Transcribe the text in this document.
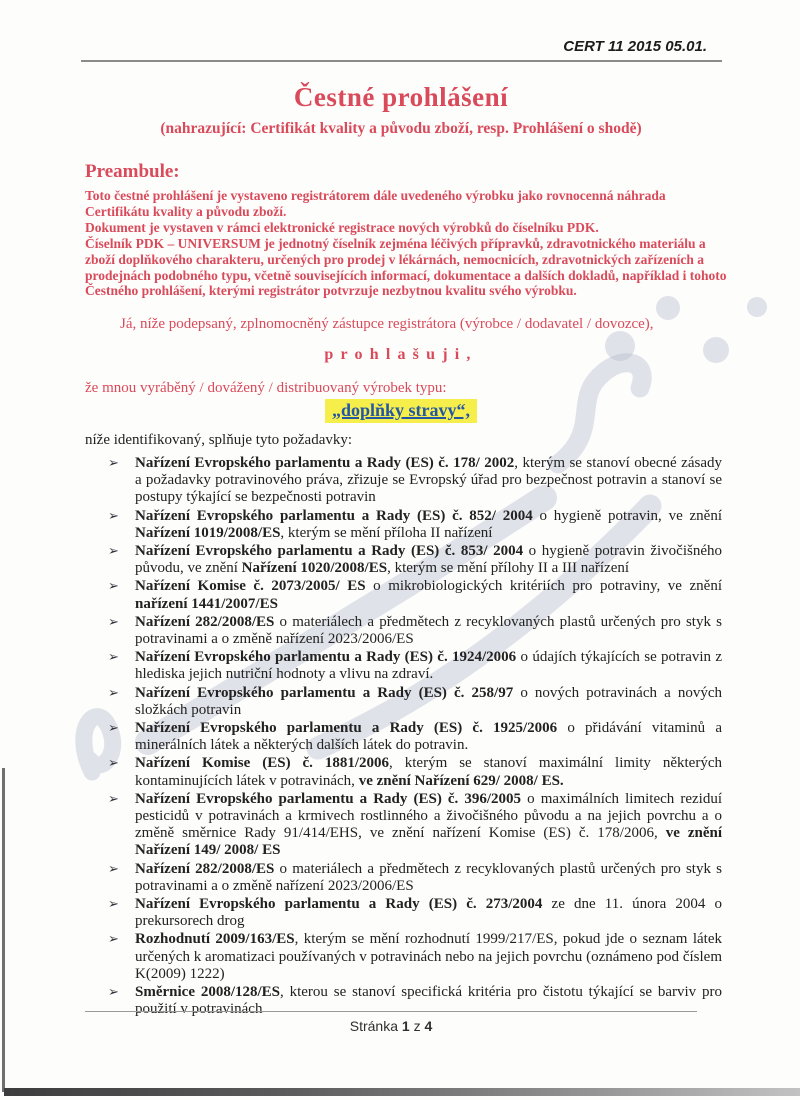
CERT 11 2015 05.01.
Čestné prohlášení
(nahrazující: Certifikát kvality a původu zboží, resp. Prohlášení o shodě)
Preambule:

Toto čestné prohlášení je vystaveno registrátorem dále uvedeného výrobku jako rovnocenná náhrada Certifikátu kvality a původu zboží.

Dokument je vystaven v rámci elektronické registrace nových výrobků do číselníku PDK.

Číselník PDK – UNIVERSUM je jednotný číselník zejména léčivých přípravků, zdravotnického materiálu a zboží doplňkového charakteru, určených pro prodej v lékárnách, nemocnicích, zdravotnických zařízeních a prodejnách podobného typu, včetně souvisejících informací, dokumentace a dalších dokladů, například i tohoto Čestného prohlášení, kterými registrátor potvrzuje nezbytnou kvalitu svého výrobku.

Já, níže podepsaný, zplnomocněný zástupce registrátora (výrobce / dodavatel / dovozce),
prohlašuji,
že mnou vyráběný / dovážený / distribuovaný výrobek typu:
„doplňky stravy“,
níže identifikovaný, splňuje tyto požadavky:
➢ Nařízení Evropského parlamentu a Rady (ES) č. 178/ 2002, kterým se stanoví obecné zásady a požadavky potravinového práva, zřizuje se Evropský úřad pro bezpečnost potravin a stanoví se postupy týkající se bezpečnosti potravin
➢ Nařízení Evropského parlamentu a Rady (ES) č. 852/ 2004 o hygieně potravin, ve znění Nařízení 1019/2008/ES, kterým se mění příloha II nařízení
➢ Nařízení Evropského parlamentu a Rady (ES) č. 853/ 2004 o hygieně potravin živočišného původu, ve znění Nařízení 1020/2008/ES, kterým se mění přílohy II a III nařízení
➢ Nařízení Komise č. 2073/2005/ ES o mikrobiologických kritériích pro potraviny, ve znění nařízení 1441/2007/ES
➢ Nařízení 282/2008/ES o materiálech a předmětech z recyklovaných plastů určených pro styk s potravinami a o změně nařízení 2023/2006/ES
➢ Nařízení Evropského parlamentu a Rady (ES) č. 1924/2006 o údajích týkajících se potravin z hlediska jejich nutriční hodnoty a vlivu na zdraví.
➢ Nařízení Evropského parlamentu a Rady (ES) č. 258/97 o nových potravinách a nových složkách potravin
➢ Nařízení Evropského parlamentu a Rady (ES) č. 1925/2006 o přidávání vitaminů a minerálních látek a některých dalších látek do potravin.
➢ Nařízení Komise (ES) č. 1881/2006, kterým se stanoví maximální limity některých kontaminujících látek v potravinách, ve znění Nařízení 629/ 2008/ ES.
➢ Nařízení Evropského parlamentu a Rady (ES) č. 396/2005 o maximálních limitech reziduí pesticidů v potravinách a krmivech rostlinného a živočišného původu a na jejich povrchu a o změně směrnice Rady 91/414/EHS, ve znění nařízení Komise (ES) č. 178/2006, ve znění Nařízení 149/ 2008/ ES
➢ Nařízení 282/2008/ES o materiálech a předmětech z recyklovaných plastů určených pro styk s potravinami a o změně nařízení 2023/2006/ES
➢ Nařízení Evropského parlamentu a Rady (ES) č. 273/2004 ze dne 11. února 2004 o prekursorech drog
➢ Rozhodnutí 2009/163/ES, kterým se mění rozhodnutí 1999/217/ES, pokud jde o seznam látek určených k aromatizaci používaných v potravinách nebo na jejich povrchu (oznámeno pod číslem K(2009) 1222)
➢ Směrnice 2008/128/ES, kterou se stanoví specifická kritéria pro čistotu týkající se barviv pro použití v potravinách
Stránka 1 z 4
